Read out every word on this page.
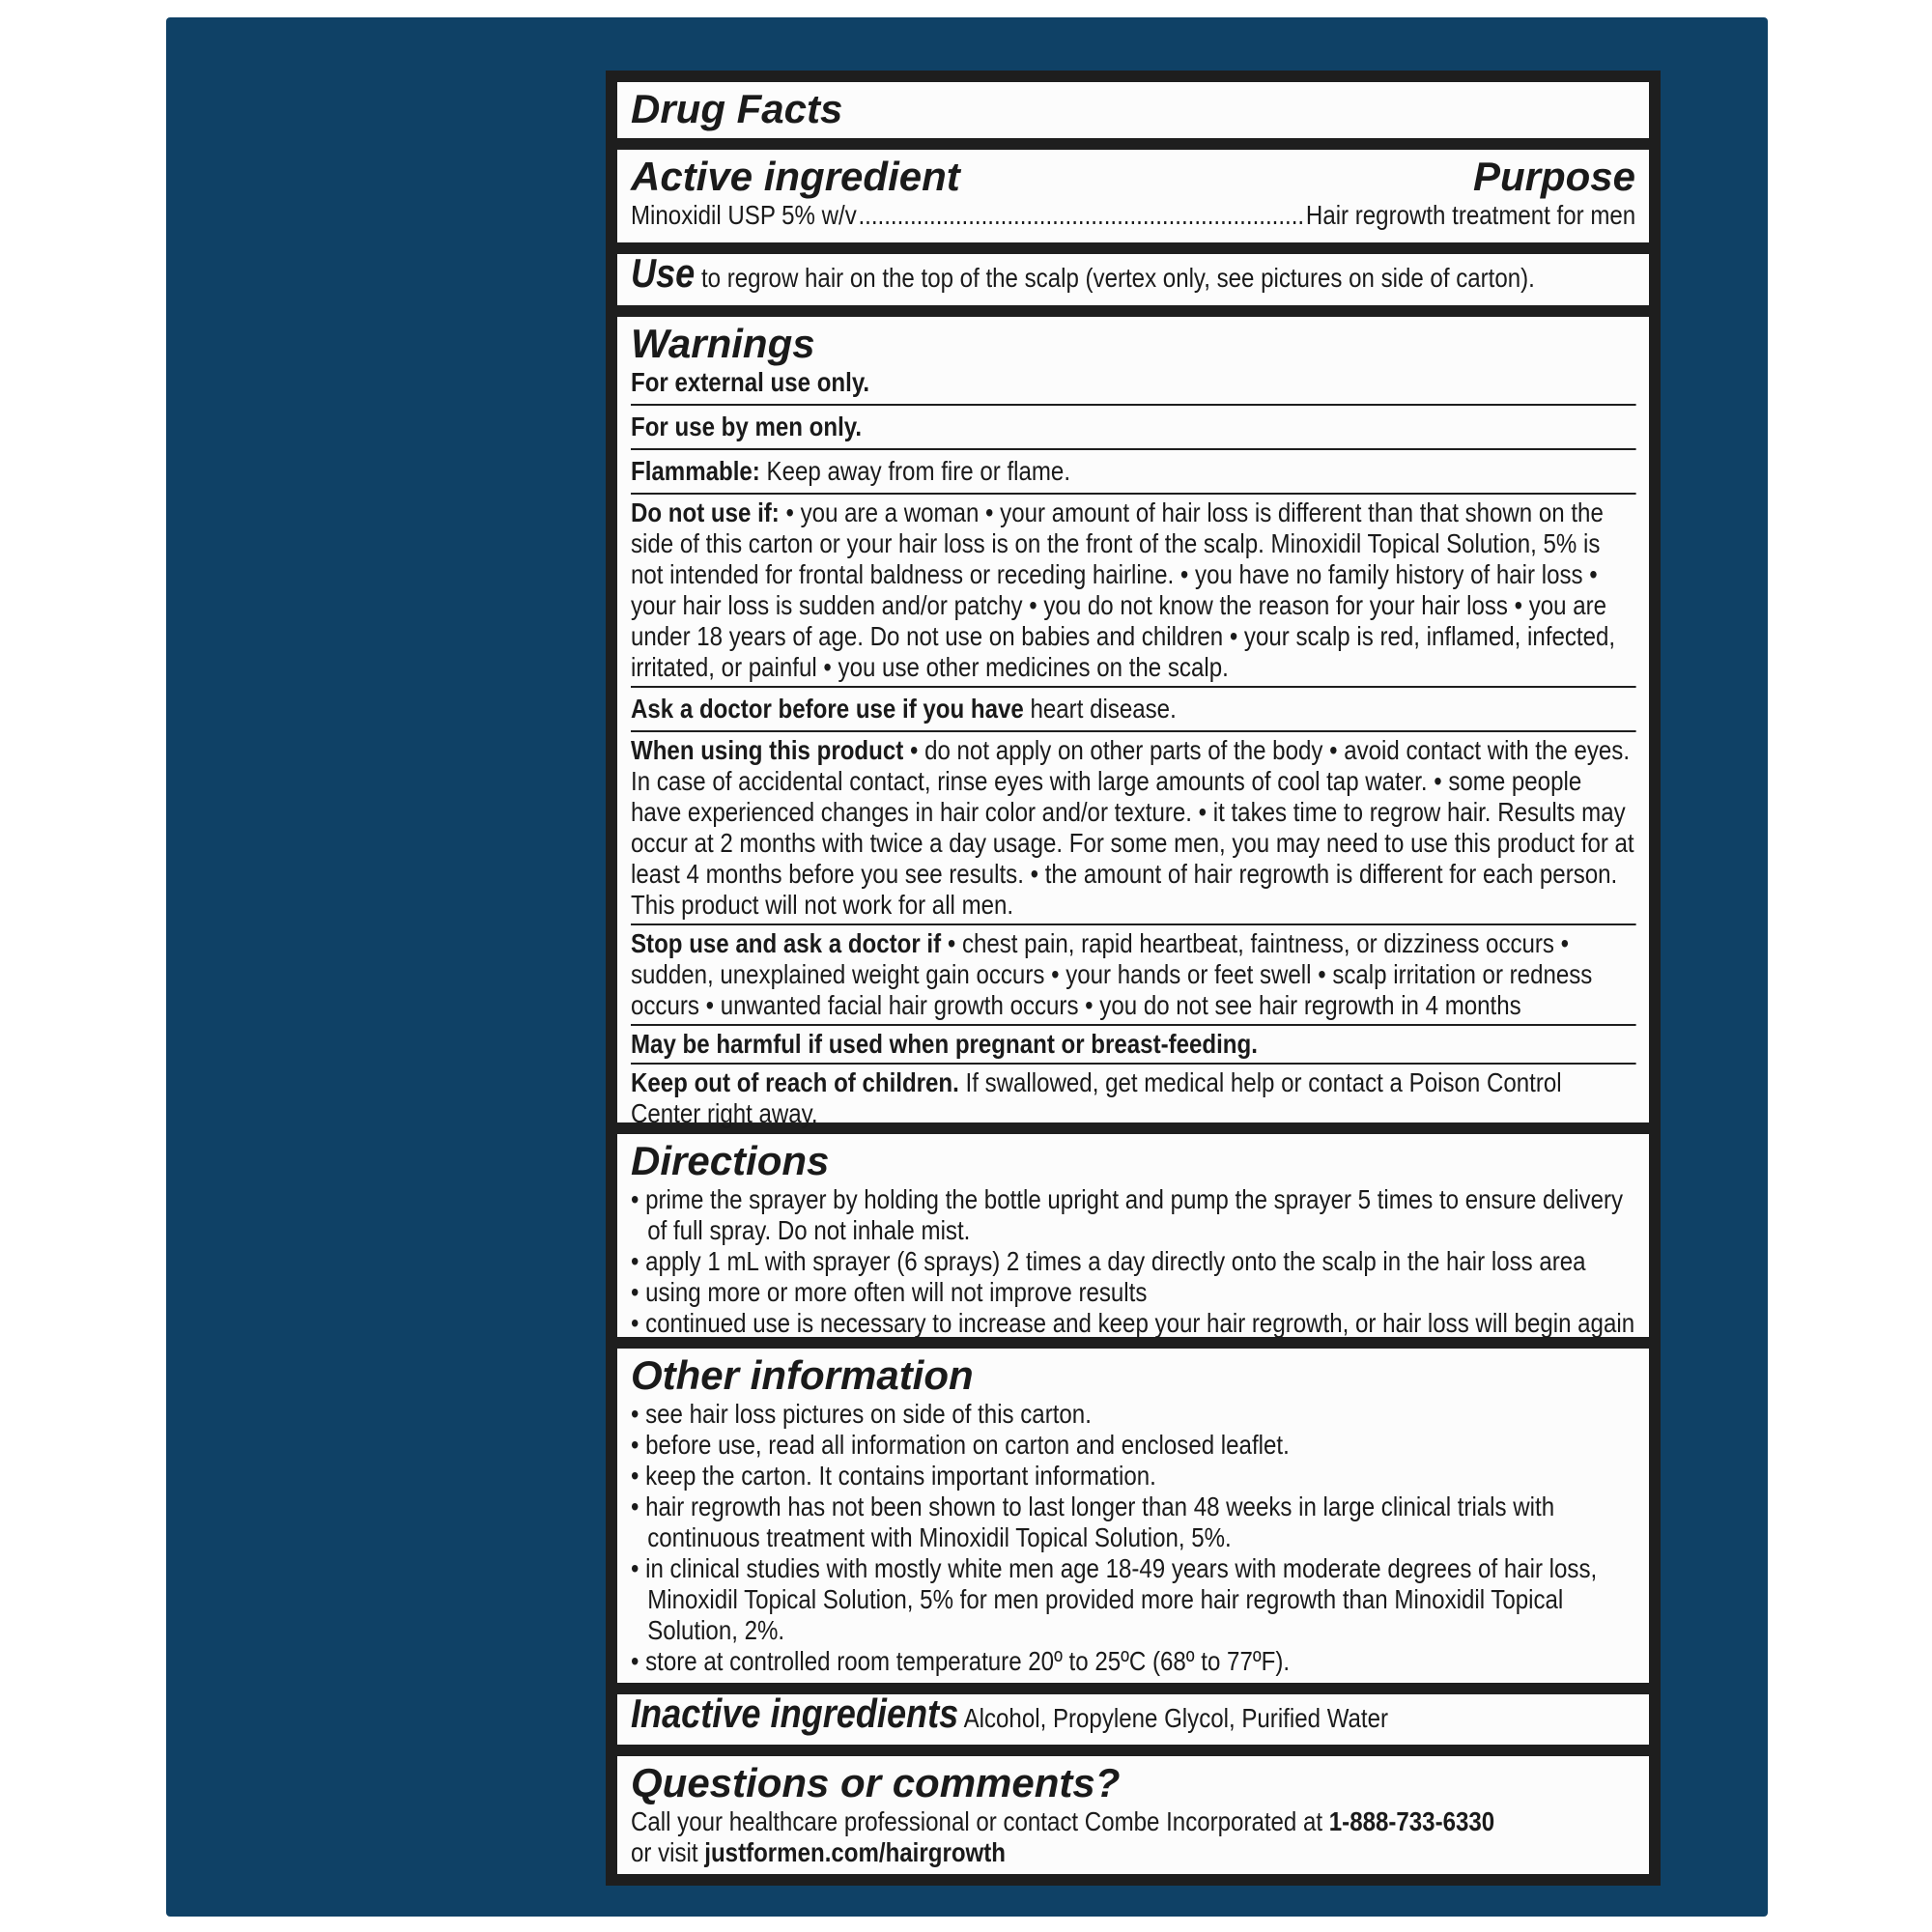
Drug Facts
Active ingredient	Purpose
Minoxidil USP 5% w/v
.....	Hair regrowth treatment for men
Use to regrow hair on the top of the scalp (vertex only, see pictures on side of carton).
Warnings
For external use only.
For use by men only.
Flammable: Keep away from fire or flame.
Do not use if: • you are a woman • your amount of hair loss is different than that shown on the side of this carton or your hair loss is on the front of the scalp. Minoxidil Topical Solution, 5% is not intended for frontal baldness or receding hairline. • you have no family history of hair loss • your hair loss is sudden and/or patchy • you do not know the reason for your hair loss • you are under 18 years of age. Do not use on babies and children • your scalp is red, inflamed, infected, irritated, or painful • you use other medicines on the scalp.
Ask a doctor before use if you have heart disease.
When using this product • do not apply on other parts of the body • avoid contact with the eyes. In case of accidental contact, rinse eyes with large amounts of cool tap water. • some people have experienced changes in hair color and/or texture. • it takes time to regrow hair. Results may occur at 2 months with twice a day usage. For some men, you may need to use this product for at least 4 months before you see results. • the amount of hair regrowth is different for each person. This product will not work for all men.
Stop use and ask a doctor if • chest pain, rapid heartbeat, faintness, or dizziness occurs • sudden, unexplained weight gain occurs • your hands or feet swell • scalp irritation or redness occurs • unwanted facial hair growth occurs • you do not see hair regrowth in 4 months
May be harmful if used when pregnant or breast-feeding.
Keep out of reach of children. If swallowed, get medical help or contact a Poison Control Center right away.
Directions
• prime the sprayer by holding the bottle upright and pump the sprayer 5 times to ensure delivery of full spray. Do not inhale mist.
• apply 1 mL with sprayer (6 sprays) 2 times a day directly onto the scalp in the hair loss area
• using more or more often will not improve results
• continued use is necessary to increase and keep your hair regrowth, or hair loss will begin again
Other information
• see hair loss pictures on side of this carton.
• before use, read all information on carton and enclosed leaflet.
• keep the carton. It contains important information.
• hair regrowth has not been shown to last longer than 48 weeks in large clinical trials with continuous treatment with Minoxidil Topical Solution, 5%.
• in clinical studies with mostly white men age 18-49 years with moderate degrees of hair loss, Minoxidil Topical Solution, 5% for men provided more hair regrowth than Minoxidil Topical Solution, 2%.
• store at controlled room temperature 20º to 25ºC (68º to 77ºF).
Inactive ingredients Alcohol, Propylene Glycol, Purified Water
Questions or comments?
Call your healthcare professional or contact Combe Incorporated at 1-888-733-6330
or visit justformen.com/hairgrowth
